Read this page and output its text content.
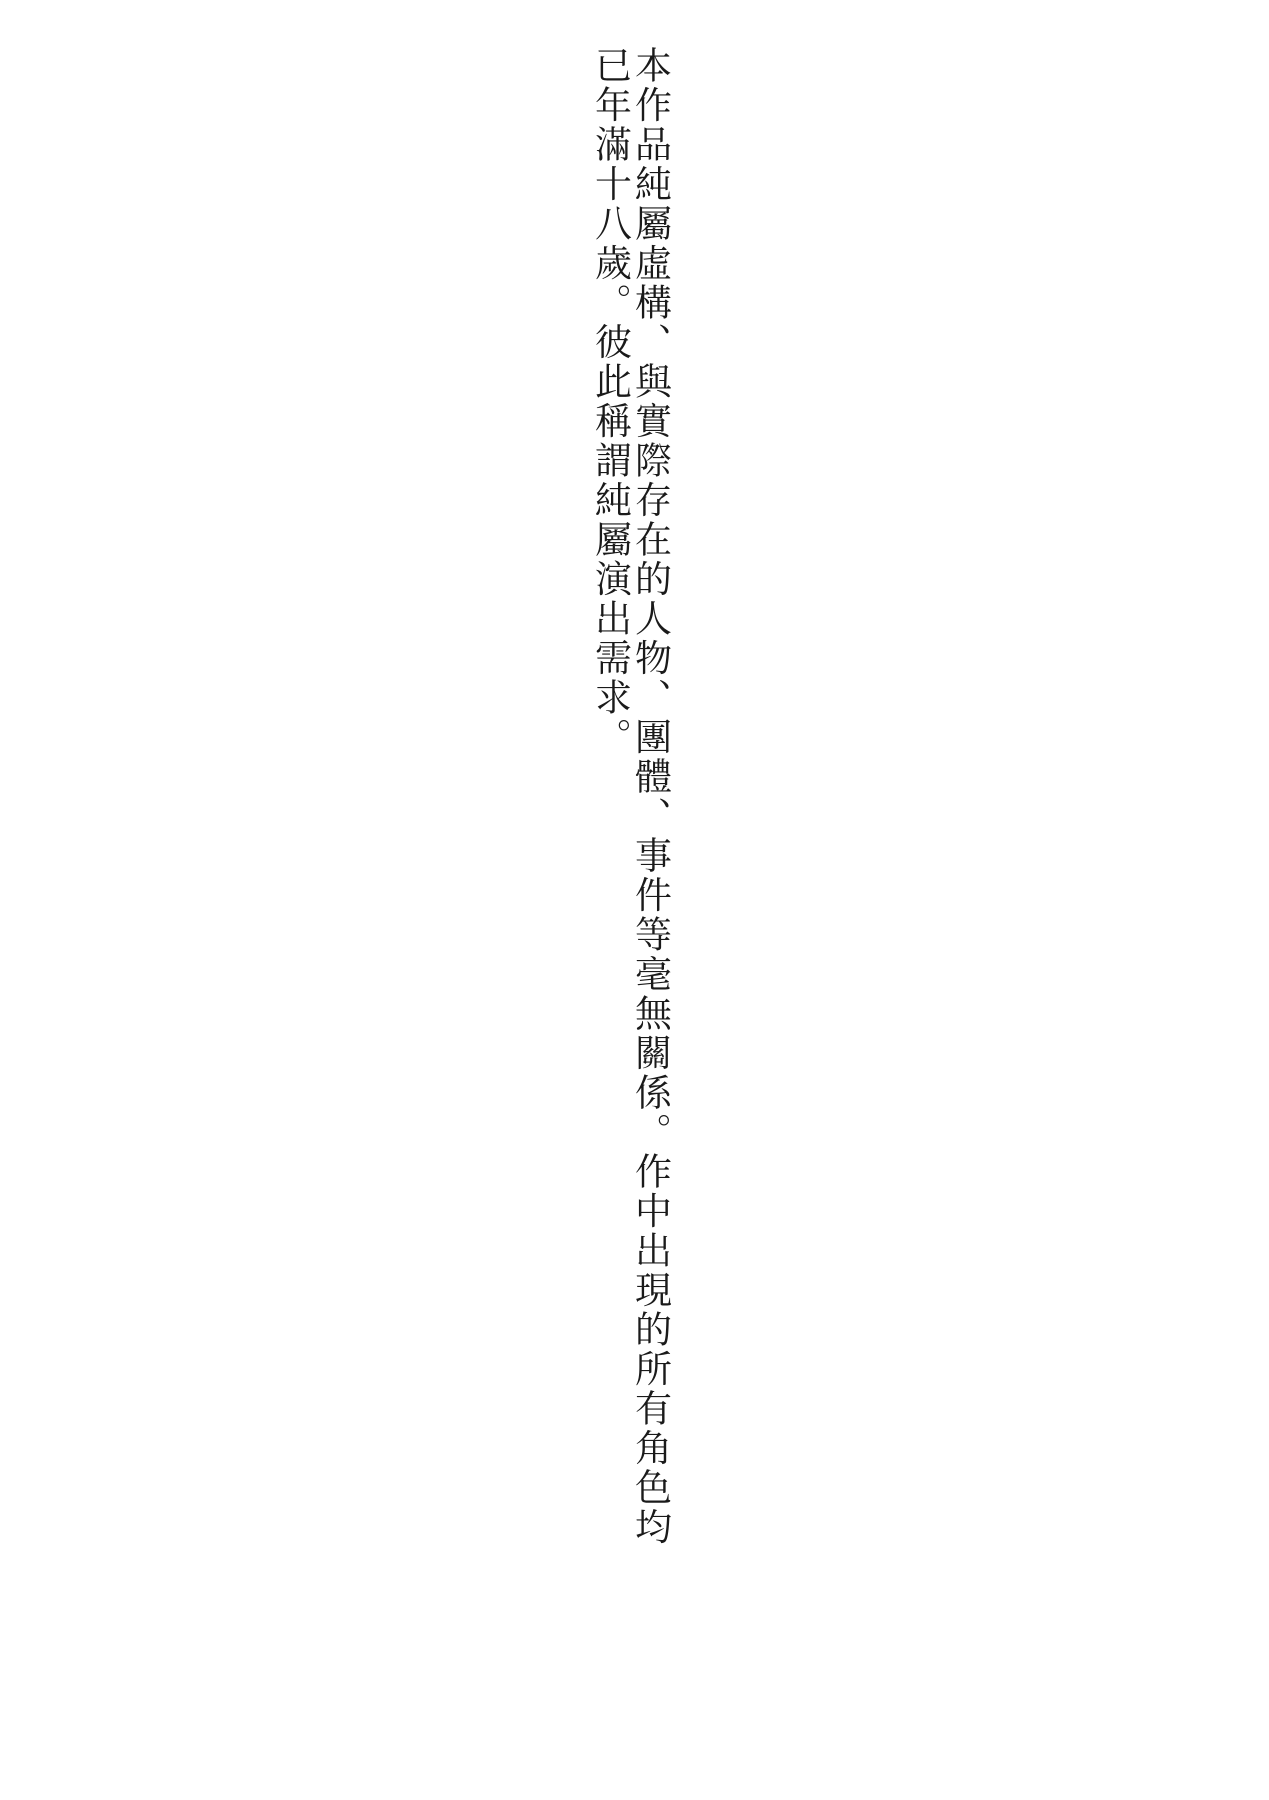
本作品純屬虛構、與實際存在的人物、團體、事件等毫無關係。作中出現的所有角色均已年滿十八歲。彼此稱謂純屬演出需求。
